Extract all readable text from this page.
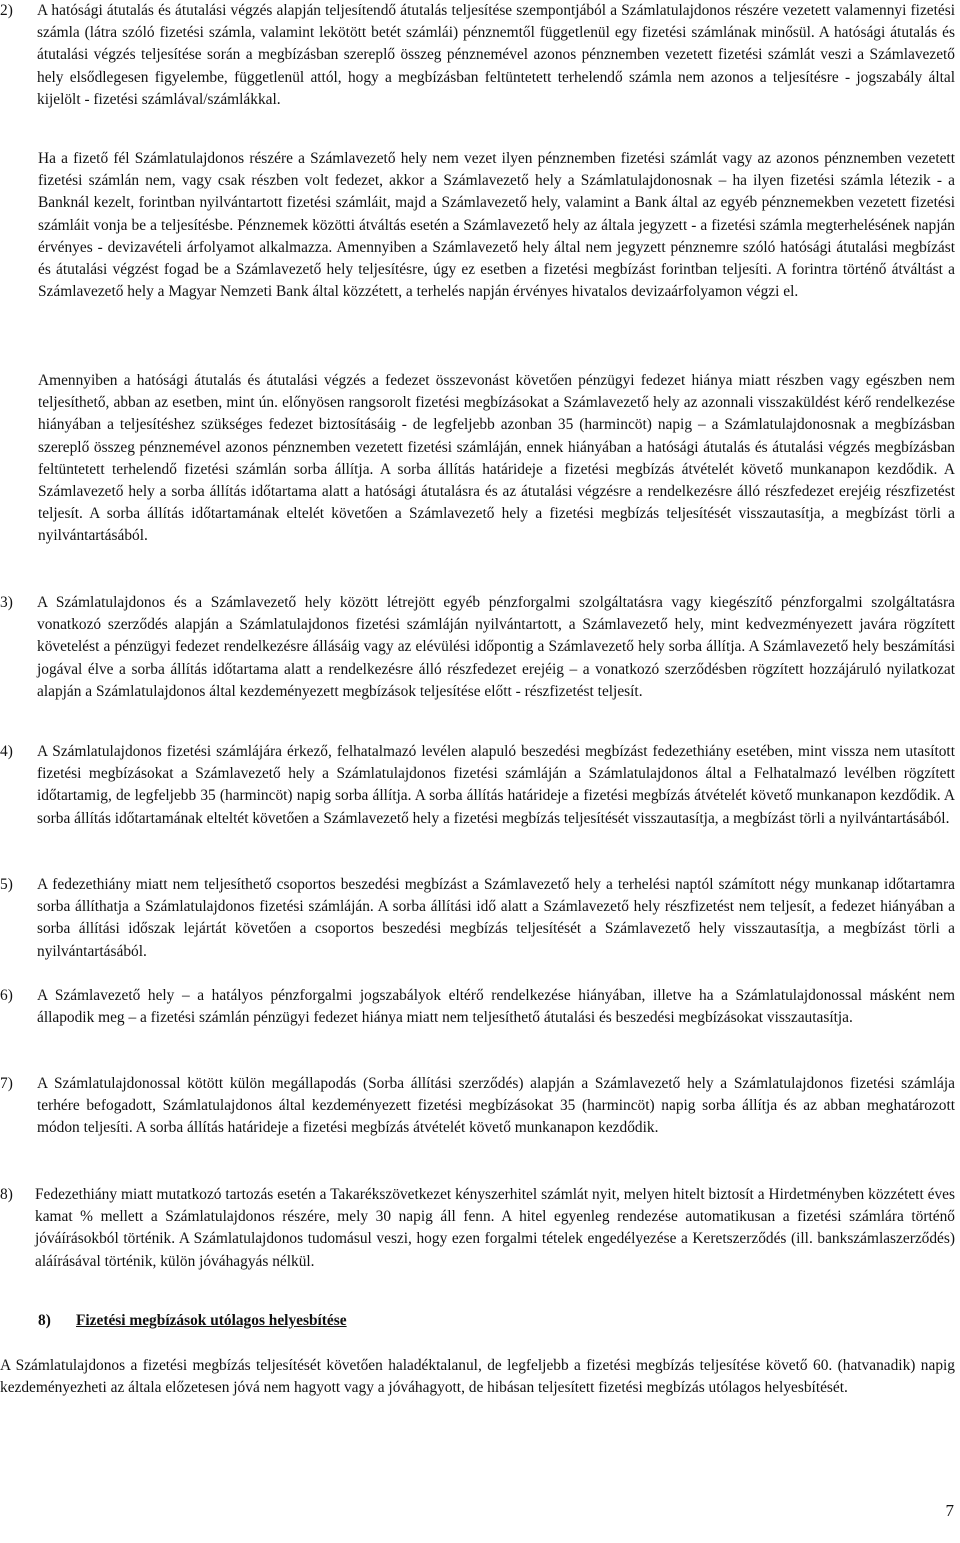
2) A hatósági átutalás és átutalási végzés alapján teljesítendő átutalás teljesítése szempontjából a Számlatulajdonos részére vezetett valamennyi fizetési számla (látra szóló fizetési számla, valamint lekötött betét számlái) pénznemtől függetlenül egy fizetési számlának minősül. A hatósági átutalás és átutalási végzés teljesítése során a megbízásban szereplő összeg pénznemével azonos pénznemben vezetett fizetési számlát veszi a Számlavezető hely elsődlegesen figyelembe, függetlenül attól, hogy a megbízásban feltüntetett terhelendő számla nem azonos a teljesítésre - jogszabály által kijelölt - fizetési számlával/számlákkal.
Ha a fizető fél Számlatulajdonos részére a Számlavezető hely nem vezet ilyen pénznemben fizetési számlát vagy az azonos pénznemben vezetett fizetési számlán nem, vagy csak részben volt fedezet, akkor a Számlavezető hely a Számlatulajdonosnak – ha ilyen fizetési számla létezik - a Banknál kezelt, forintban nyilvántartott fizetési számláit, majd a Számlavezető hely, valamint a Bank által az egyéb pénznemekben vezetett fizetési számláit vonja be a teljesítésbe. Pénznemek közötti átváltás esetén a Számlavezető hely az általa jegyzett - a fizetési számla megterhelésének napján érvényes - devizavételi árfolyamot alkalmazza. Amennyiben a Számlavezető hely által nem jegyzett pénznemre szóló hatósági átutalási megbízást és átutalási végzést fogad be a Számlavezető hely teljesítésre, úgy ez esetben a fizetési megbízást forintban teljesíti. A forintra történő átváltást a Számlavezető hely a Magyar Nemzeti Bank által közzétett, a terhelés napján érvényes hivatalos devizaárfolyamon végzi el.
Amennyiben a hatósági átutalás és átutalási végzés a fedezet összevonást követően pénzügyi fedezet hiánya miatt részben vagy egészben nem teljesíthető, abban az esetben, mint ún. előnyösen rangsorolt fizetési megbízásokat a Számlavezető hely az azonnali visszaküldést kérő rendelkezése hiányában a teljesítéshez szükséges fedezet biztosításáig - de legfeljebb azonban 35 (harmincöt) napig – a Számlatulajdonosnak a megbízásban szereplő összeg pénznemével azonos pénznemben vezetett fizetési számláján, ennek hiányában a hatósági átutalás és átutalási végzés megbízásban feltüntetett terhelendő fizetési számlán sorba állítja. A sorba állítás határideje a fizetési megbízás átvételét követő munkanapon kezdődik. A Számlavezető hely a sorba állítás időtartama alatt a hatósági átutalásra és az átutalási végzésre a rendelkezésre álló részfedezet erejéig részfizetést teljesít. A sorba állítás időtartamának eltelét követően a Számlavezető hely a fizetési megbízás teljesítését visszautasítja, a megbízást törli a nyilvántartásából.
3) A Számlatulajdonos és a Számlavezető hely között létrejött egyéb pénzforgalmi szolgáltatásra vagy kiegészítő pénzforgalmi szolgáltatásra vonatkozó szerződés alapján a Számlatulajdonos fizetési számláján nyilvántartott, a Számlavezető hely, mint kedvezményezett javára rögzített követelést a pénzügyi fedezet rendelkezésre állásáig vagy az elévülési időpontig a Számlavezető hely sorba állítja. A Számlavezető hely beszámítási jogával élve a sorba állítás időtartama alatt a rendelkezésre álló részfedezet erejéig – a vonatkozó szerződésben rögzített hozzájáruló nyilatkozat alapján a Számlatulajdonos által kezdeményezett megbízások teljesítése előtt - részfizetést teljesít.
4) A Számlatulajdonos fizetési számlájára érkező, felhatalmazó levélen alapuló beszedési megbízást fedezethiány esetében, mint vissza nem utasított fizetési megbízásokat a Számlavezető hely a Számlatulajdonos fizetési számláján a Számlatulajdonos által a Felhatalmazó levélben rögzített időtartamig, de legfeljebb 35 (harmincöt) napig sorba állítja. A sorba állítás határideje a fizetési megbízás átvételét követő munkanapon kezdődik. A sorba állítás időtartamának elteltét követően a Számlavezető hely a fizetési megbízás teljesítését visszautasítja, a megbízást törli a nyilvántartásából.
5) A fedezethiány miatt nem teljesíthető csoportos beszedési megbízást a Számlavezető hely a terhelési naptól számított négy munkanap időtartamra sorba állíthatja a Számlatulajdonos fizetési számláján. A sorba állítási idő alatt a Számlavezető hely részfizetést nem teljesít, a fedezet hiányában a sorba állítási időszak lejártát követően a csoportos beszedési megbízás teljesítését a Számlavezető hely visszautasítja, a megbízást törli a nyilvántartásából.
6) A Számlavezető hely – a hatályos pénzforgalmi jogszabályok eltérő rendelkezése hiányában, illetve ha a Számlatulajdonossal másként nem állapodik meg – a fizetési számlán pénzügyi fedezet hiánya miatt nem teljesíthető átutalási és beszedési megbízásokat visszautasítja.
7) A Számlatulajdonossal kötött külön megállapodás (Sorba állítási szerződés) alapján a Számlavezető hely a Számlatulajdonos fizetési számlája terhére befogadott, Számlatulajdonos által kezdeményezett fizetési megbízásokat 35 (harmincöt) napig sorba állítja és az abban meghatározott módon teljesíti. A sorba állítás határideje a fizetési megbízás átvételét követő munkanapon kezdődik.
8) Fedezethiány miatt mutatkozó tartozás esetén a Takarékszövetkezet kényszerhitel számlát nyit, melyen hitelt biztosít a Hirdetményben közzétett éves kamat % mellett a Számlatulajdonos részére, mely 30 napig áll fenn. A hitel egyenleg rendezése automatikusan a fizetési számlára történő jóváírásokból történik. A Számlatulajdonos tudomásul veszi, hogy ezen forgalmi tételek engedélyezése a Keretszerződés (ill. bankszámlaszerződés) aláírásával történik, külön jóváhagyás nélkül.
8) Fizetési megbízások utólagos helyesbítése
A Számlatulajdonos a fizetési megbízás teljesítését követően haladéktalanul, de legfeljebb a fizetési megbízás teljesítése követő 60. (hatvanadik) napig kezdeményezheti az általa előzetesen jóvá nem hagyott vagy a jóváhagyott, de hibásan teljesített fizetési megbízás utólagos helyesbítését.
7
